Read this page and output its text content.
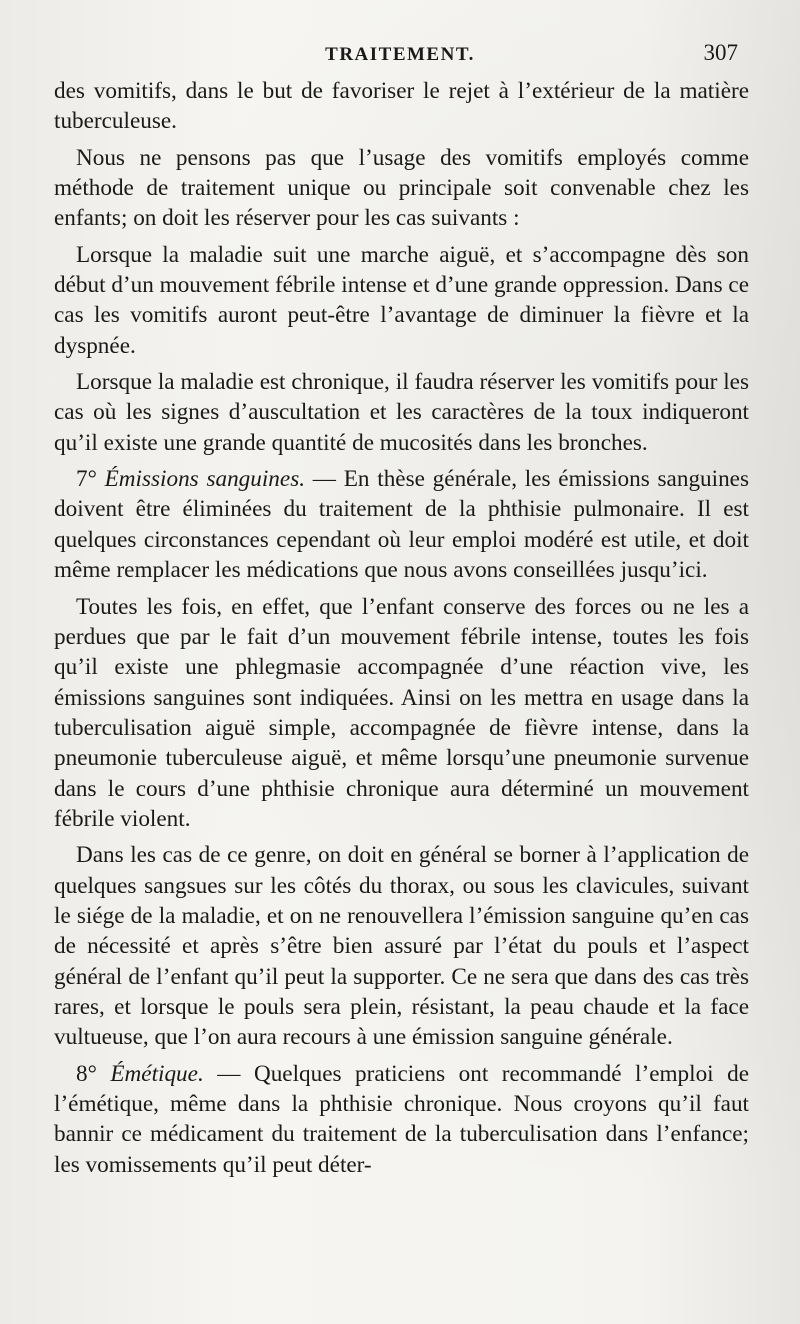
TRAITEMENT.	307

des vomitifs, dans le but de favoriser le rejet à l’extérieur de la matière tuberculeuse.

Nous ne pensons pas que l’usage des vomitifs employés comme méthode de traitement unique ou principale soit convenable chez les enfants; on doit les réserver pour les cas suivants :

Lorsque la maladie suit une marche aiguë, et s’accompagne dès son début d’un mouvement fébrile intense et d’une grande oppression. Dans ce cas les vomitifs auront peut-être l’avantage de diminuer la fièvre et la dyspnée.

Lorsque la maladie est chronique, il faudra réserver les vomitifs pour les cas où les signes d’auscultation et les caractères de la toux indiqueront qu’il existe une grande quantité de mucosités dans les bronches.

7° Émissions sanguines. — En thèse générale, les émissions sanguines doivent être éliminées du traitement de la phthisie pulmonaire. Il est quelques circonstances cependant où leur emploi modéré est utile, et doit même remplacer les médications que nous avons conseillées jusqu’ici.

Toutes les fois, en effet, que l’enfant conserve des forces ou ne les a perdues que par le fait d’un mouvement fébrile intense, toutes les fois qu’il existe une phlegmasie accompagnée d’une réaction vive, les émissions sanguines sont indiquées. Ainsi on les mettra en usage dans la tuberculisation aiguë simple, accompagnée de fièvre intense, dans la pneumonie tuberculeuse aiguë, et même lorsqu’une pneumonie survenue dans le cours d’une phthisie chronique aura déterminé un mouvement fébrile violent.

Dans les cas de ce genre, on doit en général se borner à l’application de quelques sangsues sur les côtés du thorax, ou sous les clavicules, suivant le siége de la maladie, et on ne renouvellera l’émission sanguine qu’en cas de nécessité et après s’être bien assuré par l’état du pouls et l’aspect général de l’enfant qu’il peut la supporter. Ce ne sera que dans des cas très rares, et lorsque le pouls sera plein, résistant, la peau chaude et la face vultueuse, que l’on aura recours à une émission sanguine générale.

8° Émétique. — Quelques praticiens ont recommandé l’emploi de l’émétique, même dans la phthisie chronique. Nous croyons qu’il faut bannir ce médicament du traitement de la tuberculisation dans l’enfance; les vomissements qu’il peut déter-
